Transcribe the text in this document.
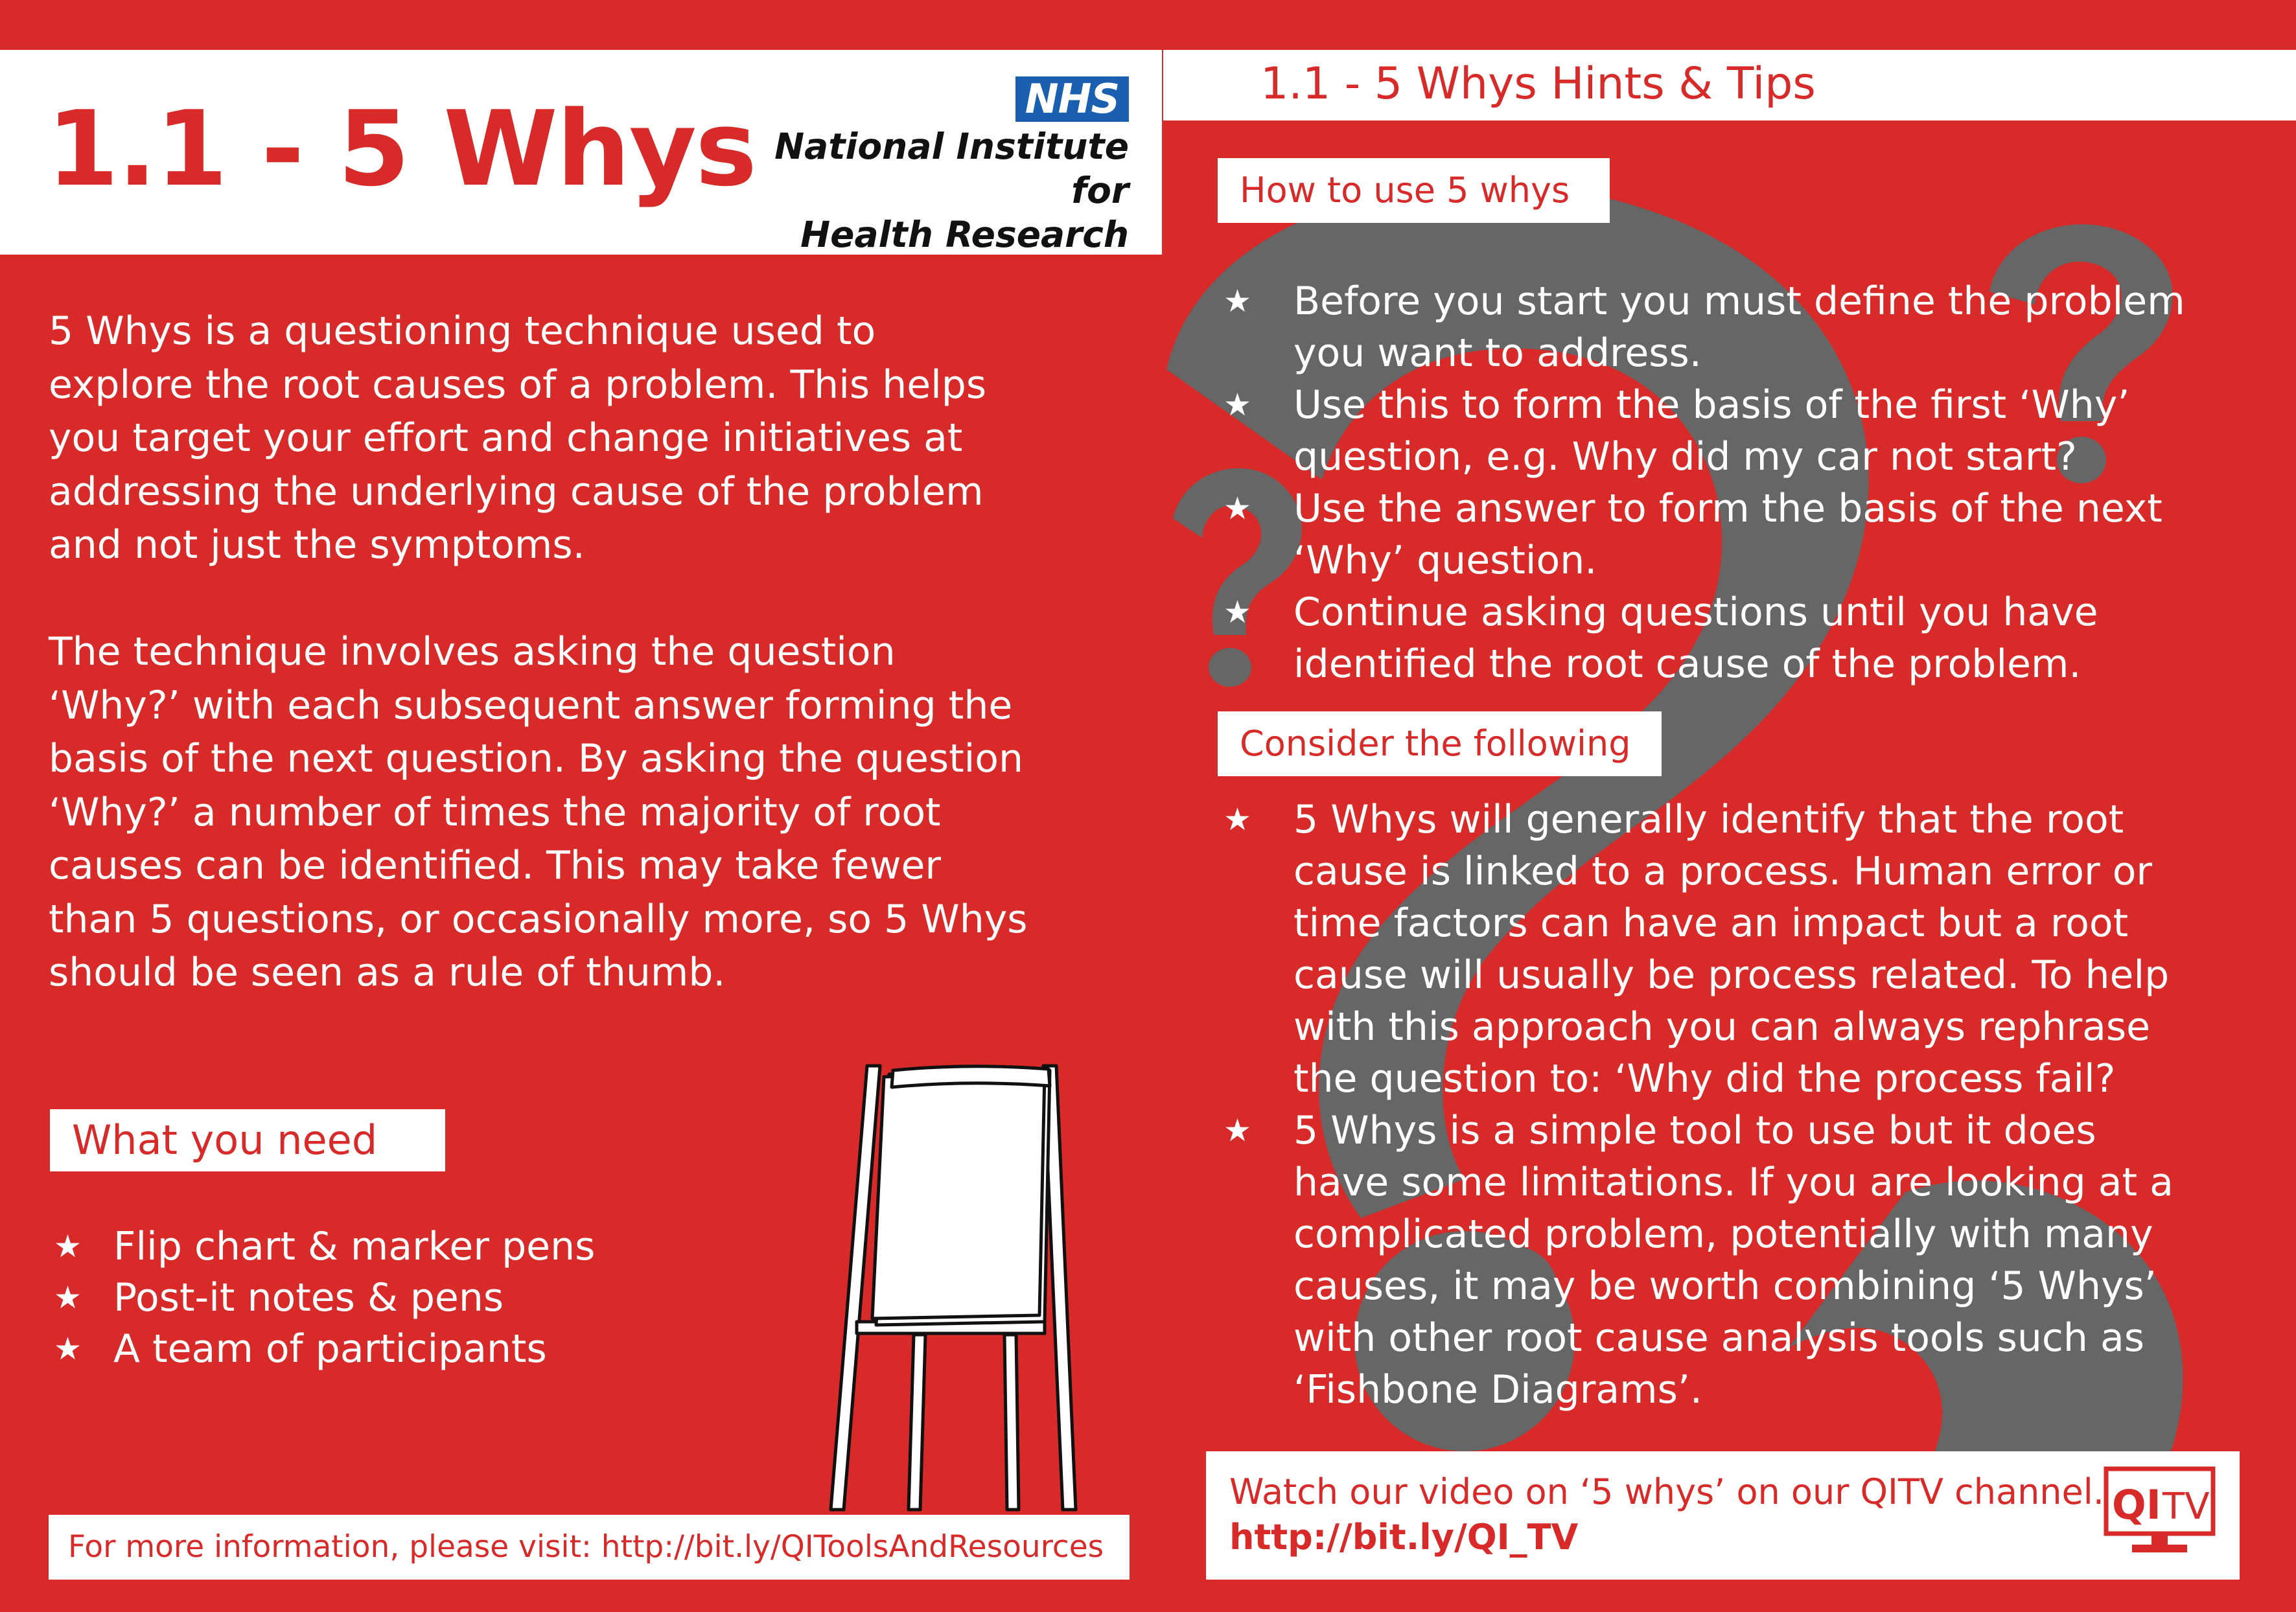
1.1 - 5 Whys	NHS
National Institute for
Health Research
5 Whys is a questioning technique used to
explore the root causes of a problem. This helps
you target your effort and change initiatives at
addressing the underlying cause of the problem
and not just the symptoms.
The technique involves asking the question
‘Why?’ with each subsequent answer forming the
basis of the next question. By asking the question
‘Why?’ a number of times the majority of root
causes can be identified. This may take fewer
than 5 questions, or occasionally more, so 5 Whys
should be seen as a rule of thumb.
What you need
★ Flip chart & marker pens
★ Post-it notes & pens
★ A team of participants
For more information, please visit: http://bit.ly/QIToolsAndResources
1.1 - 5 Whys Hints & Tips
How to use 5 whys
★ Before you start you must define the problem
you want to address.
★ Use this to form the basis of the first ‘Why’
question, e.g. Why did my car not start?
★ Use the answer to form the basis of the next
‘Why’ question.
★ Continue asking questions until you have
identified the root cause of the problem.
Consider the following
★ 5 Whys will generally identify that the root
cause is linked to a process. Human error or
time factors can have an impact but a root
cause will usually be process related. To help
with this approach you can always rephrase
the question to: ‘Why did the process fail?
★ 5 Whys is a simple tool to use but it does
have some limitations. If you are looking at a
complicated problem, potentially with many
causes, it may be worth combining ‘5 Whys’
with other root cause analysis tools such as
‘Fishbone Diagrams’.
Watch our video on ‘5 whys’ on our QITV channel.
http://bit.ly/QI_TV
QI TV
